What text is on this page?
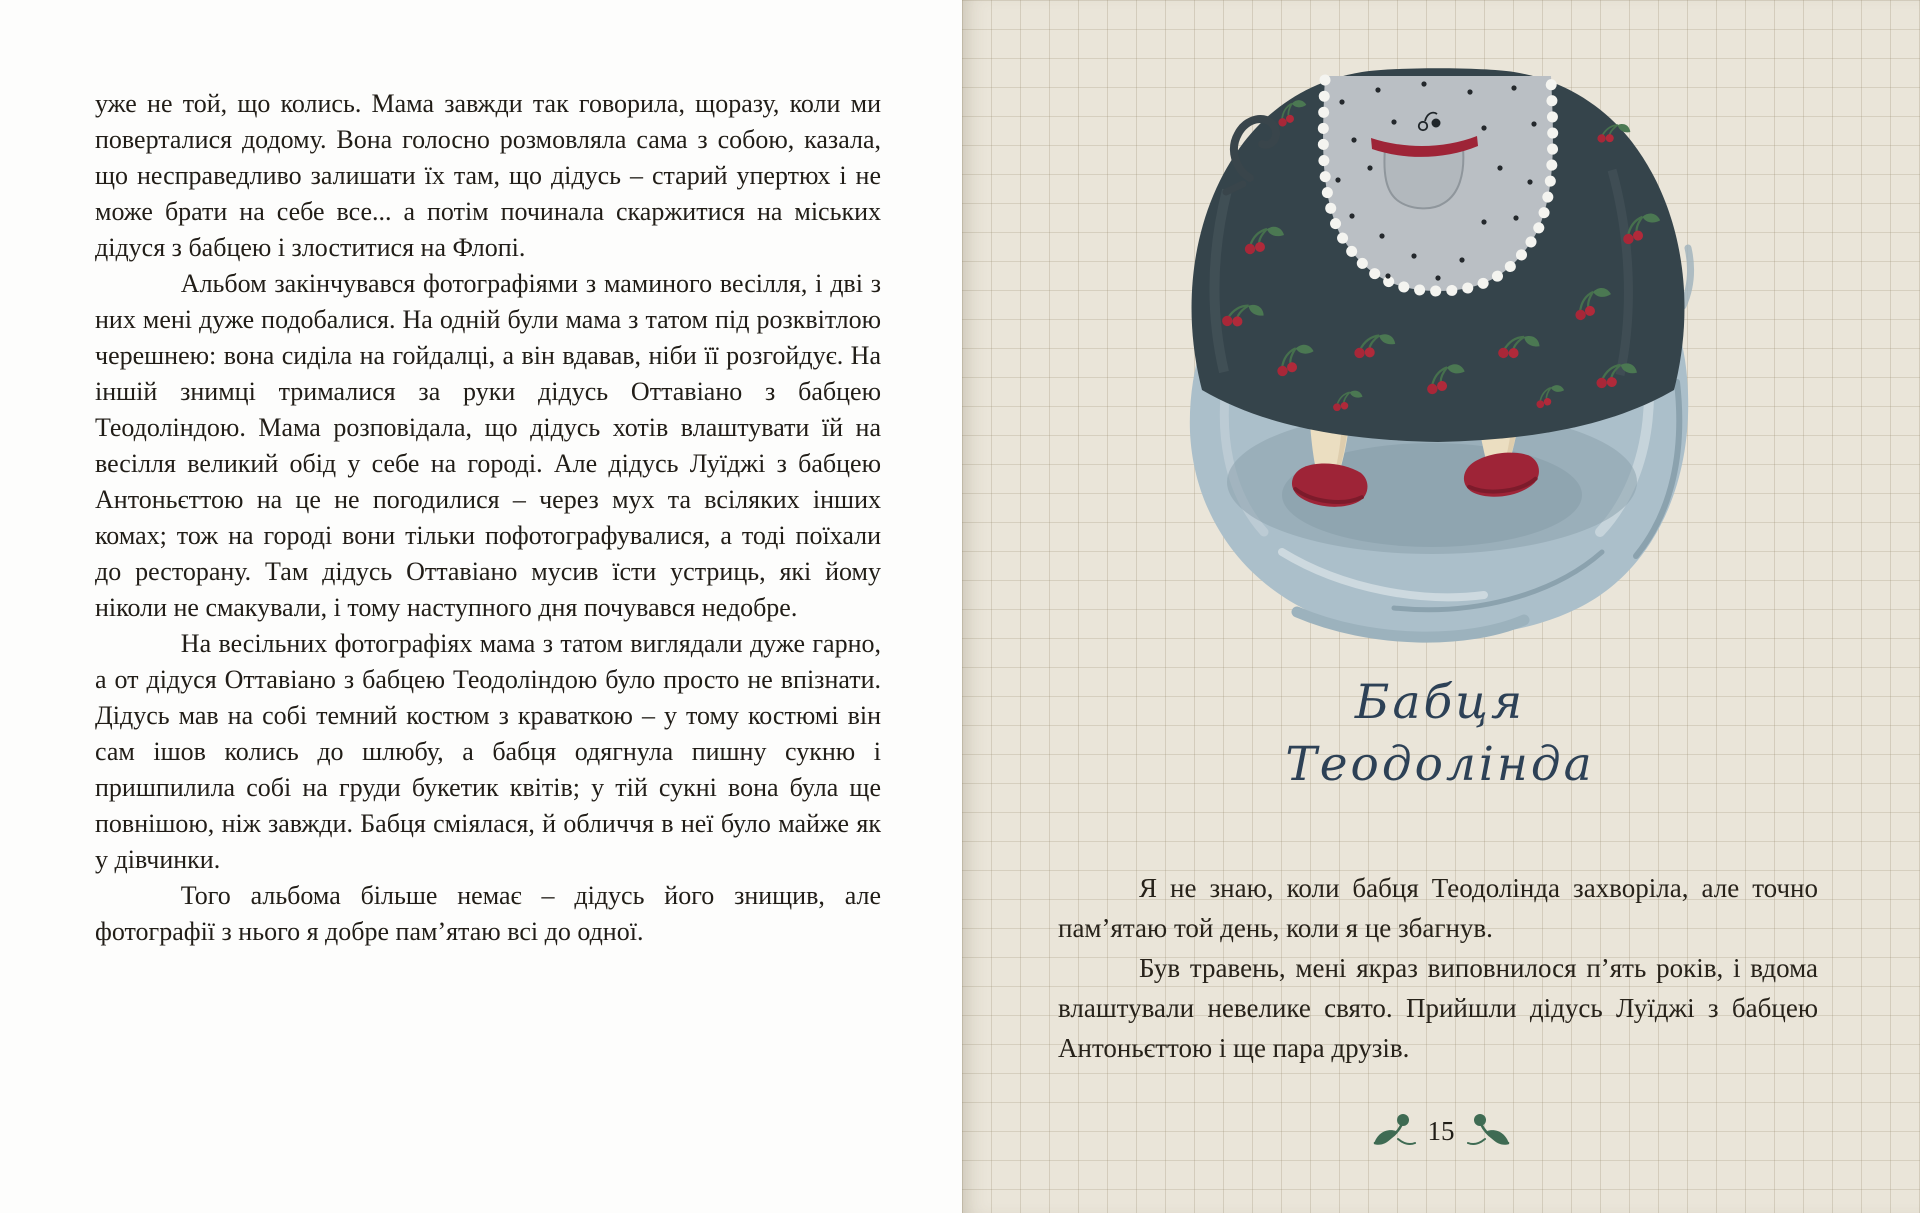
уже не той, що колись. Мама завжди так говорила, щоразу, коли ми поверталися додому. Вона голосно розмовляла сама з собою, казала, що несправедливо залишати їх там, що дідусь – старий упертюх і не може брати на себе все... а потім починала скаржитися на міських дідуся з бабцею і злоститися на Флопі.

Альбом закінчувався фотографіями з маминого весілля, і дві з них мені дуже подобалися. На одній були мама з татом під розквітлою черешнею: вона сиділа на гойдалці, а він вдавав, ніби її розгойдує. На іншій знимці трималися за руки дідусь Оттавіано з бабцею Теодоліндою. Мама розповідала, що дідусь хотів влаштувати їй на весілля великий обід у себе на городі. Але дідусь Луїджі з бабцею Антоньєттою на це не погодилися – через мух та всіляких інших комах; тож на городі вони тільки пофотографувалися, а тоді поїхали до ресторану. Там дідусь Оттавіано мусив їсти устриць, які йому ніколи не смакували, і тому наступного дня почувався недобре.

На весільних фотографіях мама з татом виглядали дуже гарно, а от дідуся Оттавіано з бабцею Теодоліндою було просто не впізнати. Дідусь мав на собі темний костюм з краваткою – у тому костюмі він сам ішов колись до шлюбу, а бабця одягнула пишну сукню і пришпилила собі на груди букетик квітів; у тій сукні вона була ще повнішою, ніж завжди. Бабця сміялася, й обличчя в неї було майже як у дівчинки.

Того альбома більше немає – дідусь його знищив, але фотографії з нього я добре пам’ятаю всі до одної.

Бабця
Теодолінда

Я не знаю, коли бабця Теодолінда захворіла, але точно пам’ятаю той день, коли я це збагнув.

Був травень, мені якраз виповнилося п’ять років, і вдома влаштували невелике свято. Прийшли дідусь Луїджі з бабцею Антоньєттою і ще пара друзів.

15
